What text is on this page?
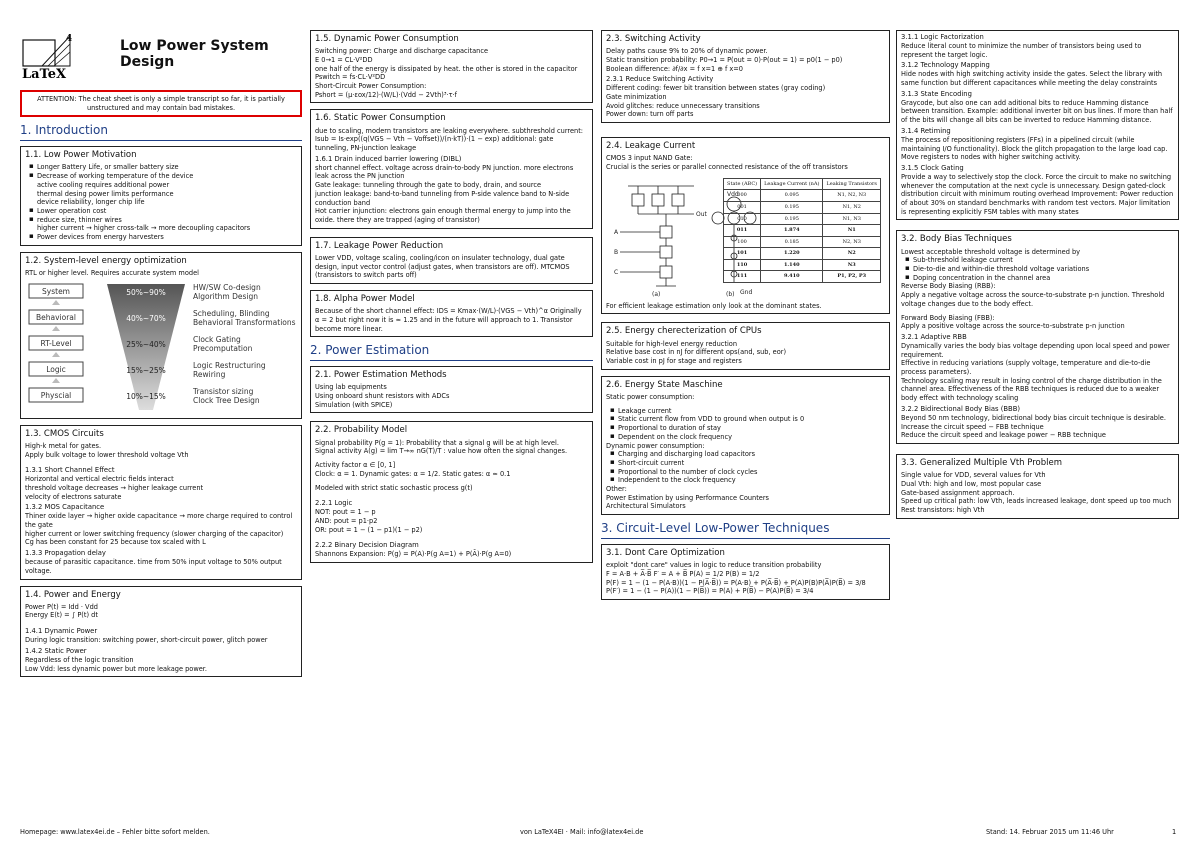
4
LaTeX
Low Power System
Design
ATTENTION: The cheat sheet is only a simple transcript so far, it is partially unstructured and may contain bad mistakes.
1. Introduction
1.1. Low Power Motivation
▪ Longer Battery Life, or smaller battery size
▪ Decrease of working temperature of the device

active cooling requires additional power

thermal desing power limits performance

device reliability, longer chip life

▪ Lower operation cost
▪ reduce size, thinner wires

higher current → higher cross-talk → more decoupling capacitors

▪ Power devices from energy harvesters
1.2. System-level energy optimization

RTL or higher level. Requires accurate system model

System
Behavioral
RT-Level
Logic
Physcial
50%~90%
40%~70%
25%~40%
15%~25%
10%~15%
HW/SW Co-design
Algorithm Design
Scheduling, Blinding
Behavioral Transformations
Clock Gating
Precomputation
Logic Restructuring
Rewiring
Transistor sizing
Clock Tree Design
1.3. CMOS Circuits

High-k metal for gates.

Apply bulk voltage to lower threshold voltage Vth

1.3.1 Short Channel Effect

Horizontal and vertical electric fields interact

threshold voltage decreases → higher leakage current

velocity of electrons saturate

1.3.2 MOS Capacitance

Thiner oxide layer → higher oxide capacitance → more charge required to control the gate

higher current or lower switching frequency (slower charging of the capacitor)

Cg has been constant for 25 because tox scaled with L

1.3.3 Propagation delay

because of parasitic capacitance. time from 50% input voltage to 50% output voltage.

1.4. Power and Energy

Power P(t) = Idd · Vdd

Energy E(t) = ∫ P(t) dt

1.4.1 Dynamic Power

During logic transition: switching power, short-circuit power, glitch power

1.4.2 Static Power

Regardless of the logic transition

Low Vdd: less dynamic power but more leakage power.

1.5. Dynamic Power Consumption

Switching power: Charge and discharge capacitance

E 0→1 = CL·V²DD

one half of the energy is dissipated by heat. the other is stored in the capacitor

Pswitch = fs·CL·V²DD

Short-Circuit Power Consumption:

Pshort = (μ·εox/12)·(W/L)·(Vdd − 2Vth)³·τ·f

1.6. Static Power Consumption

due to scaling, modern transistors are leaking everywhere. subthreshold current: Isub = Is·exp((q(VGS − Vth − Voffset))/(n·kT))·(1 − exp) additional: gate tunneling, PN-junction leakage

1.6.1 Drain induced barrier lowering (DIBL)

short channel effect. voltage across drain-to-body PN junction. more electrons leak across the PN junction

Gate leakage: tunneling through the gate to body, drain, and source

junction leakage: band-to-band tunneling from P-side valence band to N-side conduction band

Hot carrier injunction: electrons gain enough thermal energy to jump into the oxide. there they are trapped (aging of transistor)

1.7. Leakage Power Reduction

Lower VDD, voltage scaling, cooling/icon on insulater technology, dual gate design, input vector control (adjust gates, when transistors are off). MTCMOS (transistors to switch parts off)

1.8. Alpha Power Model

Because of the short channel effect: IDS = Kmax·(W/L)·(VGS − Vth)^α Originally α = 2 but right now it is ≈ 1.25 and in the future will approach to 1. Transistor become more linear.

2. Power Estimation
2.1. Power Estimation Methods

Using lab equipments

Using onboard shunt resistors with ADCs

Simulation (with SPICE)

2.2. Probability Model

Signal probability P(g = 1): Probability that a signal g will be at high level.

Signal activity A(g) = lim T→∞ nG(T)/T : value how often the signal changes.

Activity factor α ∈ [0, 1]

Clock: α = 1. Dynamic gates: α = 1/2. Static gates: α ≈ 0.1

Modeled with strict static sochastic process g(t)

2.2.1 Logic

NOT: pout = 1 − p

AND: pout = p1·p2

OR: pout = 1 − (1 − p1)(1 − p2)

2.2.2 Binary Decision Diagram

Shannons Expansion: P(g) = P(A)·P(g A=1) + P(Ā)·P(g A=0)

2.3. Switching Activity

Delay paths cause 9% to 20% of dynamic power.

Static transition probability: P0→1 = P(out = 0)·P(out = 1) = p0(1 − p0)

Boolean difference: ∂f/∂x = f x=1 ⊕ f x=0

2.3.1 Reduce Switching Activity

Different coding: fewer bit transition between states (gray coding)

Gate minimization

Avoid glitches: reduce unnecessary transitions

Power down: turn off parts

2.4. Leakage Current

CMOS 3 input NAND Gate:

Crucial is the series or parallel connected resistance of the off transistors

A
B
C
Out
Vdd
Gnd
(a)	(b)
State (ABC)	Leakage Current (nA)	Leaking Transistors
000	0.095	N1, N2, N3
001	0.195	N1, N2
010	0.195	N1, N3
011	1.874	N1
100	0.185	N2, N3
101	1.220	N2
110	1.140	N3
111	9.410	P1, P2, P3

For efficient leakage estimation only look at the dominant states.

2.5. Energy cherecterization of CPUs

Suitable for high-level energy reduction

Relative base cost in nJ for different ops(and, sub, eor)

Variable cost in pJ for stage and registers

2.6. Energy State Maschine

Static power consumption:

▪ Leakage current
▪ Static current flow from VDD to ground when output is 0
▪ Proportional to duration of stay
▪ Dependent on the clock frequency

Dynamic power consumption:

▪ Charging and discharging load capacitors
▪ Short-circuit current
▪ Proportional to the number of clock cycles
▪ Independent to the clock frequency

Other:

Power Estimation by using Performance Counters

Architectural Simulators

3. Circuit-Level Low-Power Techniques
3.1. Dont Care Optimization

exploit "dont care" values in logic to reduce transition probability

F = A·B + A̅·B̅ F′ = A + B̅ P(A) = 1/2 P(B) = 1/2

P(F) = 1 − (1 − P(A·B))(1 − P(A̅·B̅)) = P(A·B) + P(A̅·B̅) + P(A)P(B)P(A̅)P(B̅) = 3/8

P(F′) = 1 − (1 − P(A))(1 − P(B̅)) = P(A) + P(B̅) − P(A)P(B̅) = 3/4

3.1.1 Logic Factorization

Reduce literal count to minimize the number of transistors being used to represent the target logic.

3.1.2 Technology Mapping

Hide nodes with high switching activity inside the gates. Select the library with same function but different capacitances while meeting the delay constraints

3.1.3 State Encoding

Graycode, but also one can add aditional bits to reduce Hamming distance between transition. Example: additional inverter bit on bus lines. If more than half of the bits will change all bits can be inverted to reduce Hamming distance.

3.1.4 Retiming

The process of repositioning registers (FFs) in a pipelined circuit (while maintaining I/O functionality). Block the glitch propagation to the large load cap. Move registers to nodes with higher switching activity.

3.1.5 Clock Gating

Provide a way to selectively stop the clock. Force the circuit to make no switching whenever the computation at the next cycle is unnecessary. Design gated-clock distribution circuit with minimum routing overhead Improvement: Power reduction of about 30% on standard benchmarks with random test vectors. Major limitation is representing explicitly FSM tables with many states

3.2. Body Bias Techniques

Lowest acceptable threshold voltage is determined by

▪ Sub-threshold leakage current
▪ Die-to-die and within-die threshold voltage variations
▪ Doping concentration in the channel area

Reverse Body Biasing (RBB):

Apply a negative voltage across the source-to-substrate p-n junction. Threshold voltage changes due to the body effect.

Forward Body Biasing (FBB):

Apply a positive voltage across the source-to-substrate p-n junction

3.2.1 Adaptive RBB

Dynamically varies the body bias voltage depending upon local speed and power requirement.

Effective in reducing variations (supply voltage, temperature and die-to-die process parameters).

Technology scaling may result in losing control of the charge distribution in the channel area. Effectiveness of the RBB techniques is reduced due to a weaker body effect with technology scaling

3.2.2 Bidirectional Body Bias (BBB)

Beyond 50 nm technology, bidirectional body bias circuit technique is desirable.

Increase the circuit speed − FBB technique

Reduce the circuit speed and leakage power − RBB technique

3.3. Generalized Multiple Vth Problem

Single value for VDD, several values for Vth

Dual Vth: high and low, most popular case

Gate-based assignment approach.

Speed up critical path: low Vth, leads increased leakage, dont speed up too much

Rest transistors: high Vth

Homepage: www.latex4ei.de – Fehler bitte sofort melden.	von LaTeX4EI · Mail: info@latex4ei.de	Stand: 14. Februar 2015 um 11:46 Uhr	1
